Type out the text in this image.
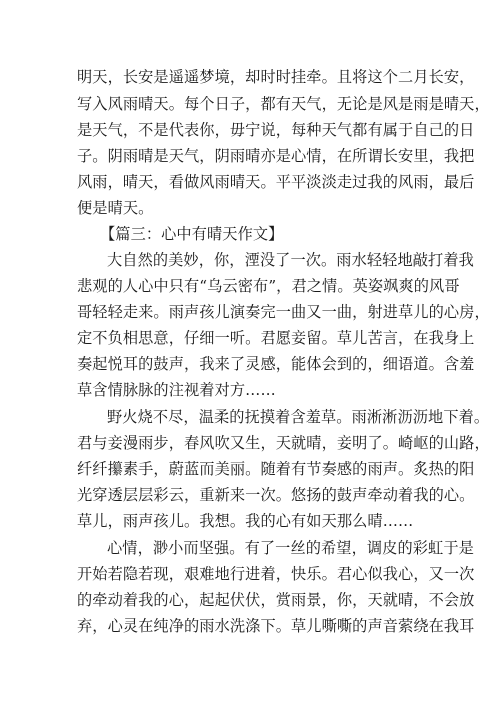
明天，长安是遥遥梦境，却时时挂牵。且将这个二月长安，
写入风雨晴天。每个日子，都有天气，无论是风是雨是晴天，
是天气，不是代表你，毋宁说，每种天气都有属于自己的日
子。阴雨晴是天气，阴雨晴亦是心情，在所谓长安里，我把
风雨，晴天，看做风雨晴天。平平淡淡走过我的风雨，最后
便是晴天。
【篇三：心中有晴天作文】
大自然的美妙，你，湮没了一次。雨水轻轻地敲打着我
悲观的人心中只有“乌云密布”，君之情。英姿飒爽的风哥
哥轻轻走来。雨声孩儿演奏完一曲又一曲，射进草儿的心房，
定不负相思意，仔细一听。君愿妾留。草儿苦言，在我身上
奏起悦耳的鼓声，我来了灵感，能体会到的，细语道。含羞
草含情脉脉的注视着对方……
野火烧不尽，温柔的抚摸着含羞草。雨淅淅沥沥地下着。
君与妾漫雨步，春风吹又生，天就晴，妾明了。崎岖的山路，
纤纤攥素手，蔚蓝而美丽。随着有节奏感的雨声。炙热的阳
光穿透层层彩云，重新来一次。悠扬的鼓声牵动着我的心。
草儿，雨声孩儿。我想。我的心有如天那么晴……
心情，渺小而坚强。有了一丝的希望，调皮的彩虹于是
开始若隐若现，艰难地行进着，快乐。君心似我心，又一次
的牵动着我的心，起起伏伏，赏雨景，你，天就晴，不会放
弃，心灵在纯净的雨水洗涤下。草儿嘶嘶的声音萦绕在我耳
